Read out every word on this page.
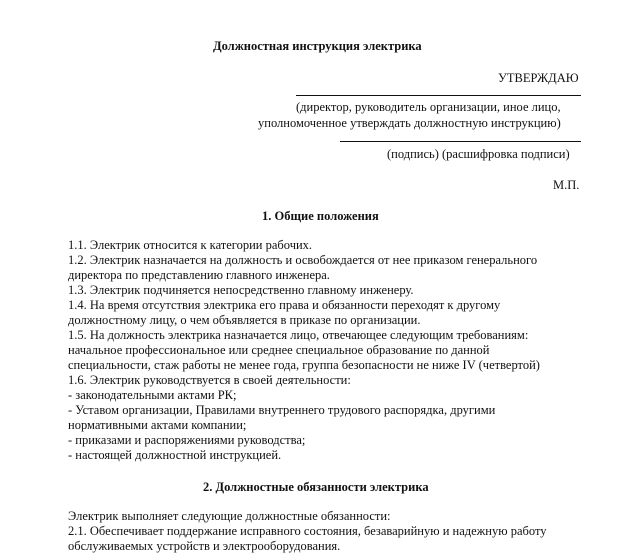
Должностная инструкция электрика
УТВЕРЖДАЮ
(директор, руководитель организации, иное лицо,
уполномоченное утверждать должностную инструкцию)
(подпись) (расшифровка подписи)
М.П.
1. Общие положения
1.1. Электрик относится к категории рабочих.
1.2. Электрик назначается на должность и освобождается от нее приказом генерального
директора по представлению главного инженера.
1.3. Электрик подчиняется непосредственно главному инженеру.
1.4. На время отсутствия электрика его права и обязанности переходят к другому
должностному лицу, о чем объявляется в приказе по организации.
1.5. На должность электрика назначается лицо, отвечающее следующим требованиям:
начальное профессиональное или среднее специальное образование по данной
специальности, стаж работы не менее года, группа безопасности не ниже IV (четвертой)
1.6. Электрик руководствуется в своей деятельности:
- законодательными актами РК;
- Уставом организации, Правилами внутреннего трудового распорядка, другими
нормативными актами компании;
- приказами и распоряжениями руководства;
- настоящей должностной инструкцией.
2. Должностные обязанности электрика
Электрик выполняет следующие должностные обязанности:
2.1. Обеспечивает поддержание исправного состояния, безаварийную и надежную работу
обслуживаемых устройств и электрооборудования.
